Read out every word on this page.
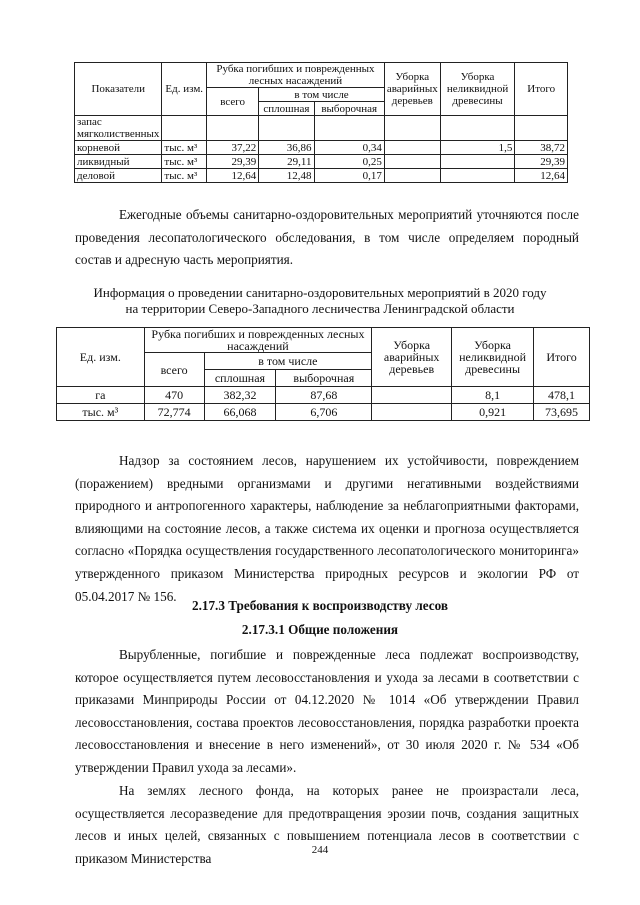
Показатели	Ед. изм.	Рубка погибших и поврежденных лесных насаждений			Уборка аварийных деревьев	Уборка неликвидной древесины	Итого
		всего	в том числе				
			сплошная	выборочная			
запас мягколиственных							
корневой	тыс. м³	37,22	36,86	0,34		1,5	38,72
ликвидный	тыс. м³	29,39	29,11	0,25			29,39
деловой	тыс. м³	12,64	12,48	0,17			12,64

Ежегодные объемы санитарно-оздоровительных мероприятий уточняются после проведения лесопатологического обследования, в том числе определяем породный состав и адресную часть мероприятия.

Информация о проведении санитарно-оздоровительных мероприятий в 2020 году
на территории Северо-Западного лесничества Ленинградской области
Ед. изм.	Рубка погибших и поврежденных лесных насаждений			Уборка аварийных деревьев	Уборка неликвидной древесины	Итого
	всего	в том числе				
		сплошная	выборочная			
га	470	382,32	87,68		8,1	478,1
тыс. м³	72,774	66,068	6,706		0,921	73,695

Надзор за состоянием лесов, нарушением их устойчивости, повреждением (поражением) вредными организмами и другими негативными воздействиями природного и антропогенного характеры, наблюдение за неблагоприятными факторами, влияющими на состояние лесов, а также система их оценки и прогноза осуществляется согласно «Порядка осуществления государственного лесопатологического мониторинга» утвержденного приказом Министерства природных ресурсов и экологии РФ от 05.04.2017 № 156.

2.17.3 Требования к воспроизводству лесов
2.17.3.1 Общие положения

Вырубленные, погибшие и поврежденные леса подлежат воспроизводству, которое осуществляется путем лесовосстановления и ухода за лесами в соответствии с приказами Минприроды России от 04.12.2020 № 1014 «Об утверждении Правил лесовосстановления, состава проектов лесовосстановления, порядка разработки проекта лесовосстановления и внесение в него изменений», от 30 июля 2020 г. № 534 «Об утверждении Правил ухода за лесами».

На землях лесного фонда, на которых ранее не произрастали леса, осуществляется лесоразведение для предотвращения эрозии почв, создания защитных лесов и иных целей, связанных с повышением потенциала лесов в соответствии с приказом Министерства

244
